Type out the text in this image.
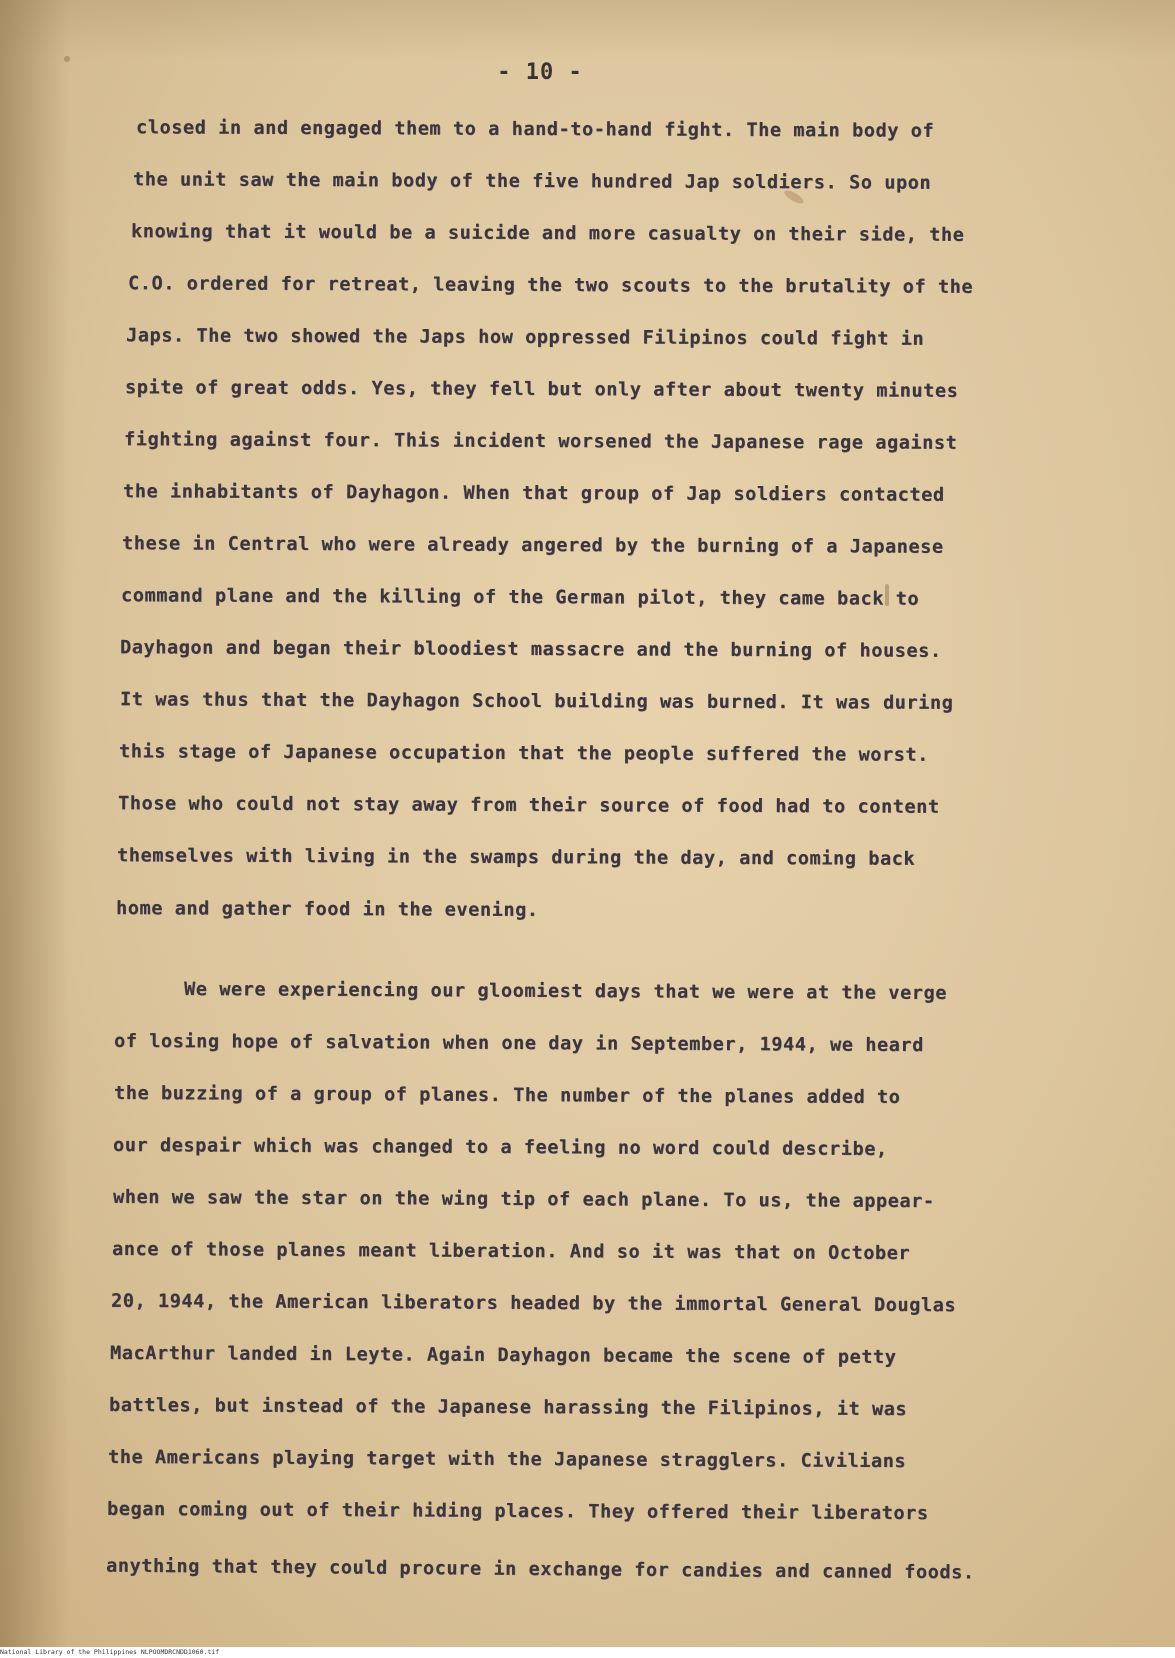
- 10 -

closed in and engaged them to a hand-to-hand fight. The main body of

the unit saw the main body of the five hundred Jap soldiers. So upon

knowing that it would be a suicide and more casualty on their side, the

C.O. ordered for retreat, leaving the two scouts to the brutality of the

Japs. The two showed the Japs how oppressed Filipinos could fight in

spite of great odds. Yes, they fell but only after about twenty minutes

fighting against four. This incident worsened the Japanese rage against

the inhabitants of Dayhagon. When that group of Jap soldiers contacted

these in Central who were already angered by the burning of a Japanese

command plane and the killing of the German pilot, they came back to

Dayhagon and began their bloodiest massacre and the burning of houses.

It was thus that the Dayhagon School building was burned. It was during

this stage of Japanese occupation that the people suffered the worst.

Those who could not stay away from their source of food had to content

themselves with living in the swamps during the day, and coming back

home and gather food in the evening.

We were experiencing our gloomiest days that we were at the verge

of losing hope of salvation when one day in September, 1944, we heard

the buzzing of a group of planes. The number of the planes added to

our despair which was changed to a feeling no word could describe,

when we saw the star on the wing tip of each plane. To us, the appear-

ance of those planes meant liberation. And so it was that on October

20, 1944, the American liberators headed by the immortal General Douglas

MacArthur landed in Leyte. Again Dayhagon became the scene of petty

battles, but instead of the Japanese harassing the Filipinos, it was

the Americans playing target with the Japanese stragglers. Civilians

began coming out of their hiding places. They offered their liberators

anything that they could procure in exchange for candies and canned foods.

National Library of the Philippines NLPOOMDRCNDD1060.tif
